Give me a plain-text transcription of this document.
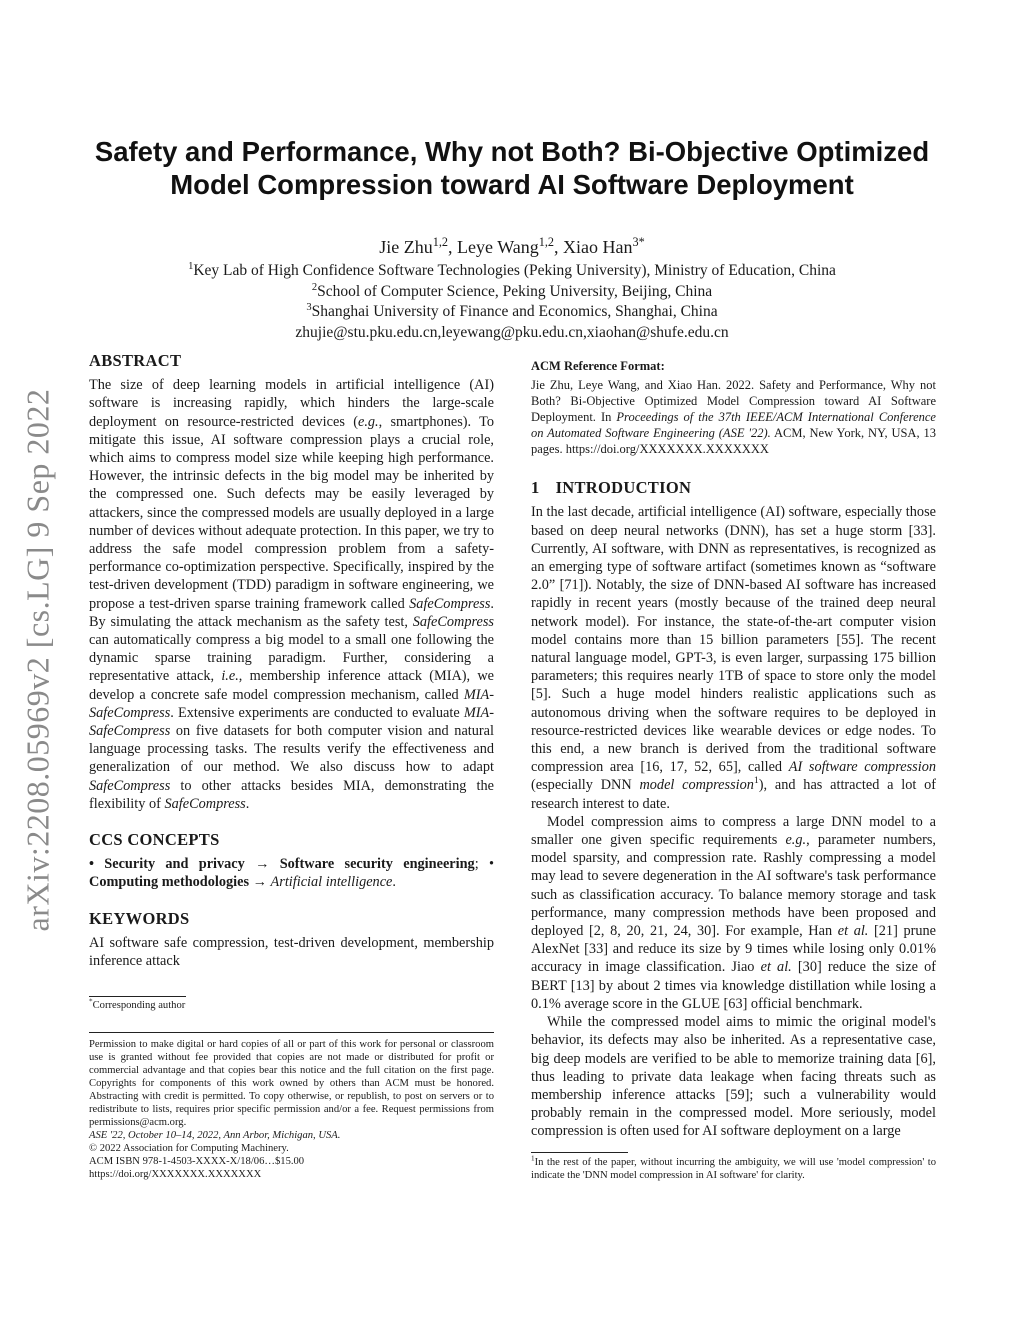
arXiv:2208.05969v2 [cs.LG] 9 Sep 2022
Safety and Performance, Why not Both? Bi-Objective Optimized
Model Compression toward AI Software Deployment
Jie Zhu$^{1,2}$, Leye Wang$^{1,2}$, Xiao Han$^{3*}$
$^1$Key Lab of High Confidence Software Technologies (Peking University), Ministry of Education, China
$^2$School of Computer Science, Peking University, Beijing, China
$^3$Shanghai University of Finance and Economics, Shanghai, China
zhujie@stu.pku.edu.cn,leyewang@pku.edu.cn,xiaohan@shufe.edu.cn
ABSTRACT

The size of deep learning models in artificial intelligence (AI) software is increasing rapidly, which hinders the large-scale deployment on resource-restricted devices (e.g., smartphones). To mitigate this issue, AI software compression plays a crucial role, which aims to compress model size while keeping high performance. However, the intrinsic defects in the big model may be inherited by the compressed one. Such defects may be easily leveraged by attackers, since the compressed models are usually deployed in a large number of devices without adequate protection. In this paper, we try to address the safe model compression problem from a safety-performance co-optimization perspective. Specifically, inspired by the test-driven development (TDD) paradigm in software engineering, we propose a test-driven sparse training framework called SafeCompress. By simulating the attack mechanism as the safety test, SafeCompress can automatically compress a big model to a small one following the dynamic sparse training paradigm. Further, considering a representative attack, i.e., membership inference attack (MIA), we develop a concrete safe model compression mechanism, called MIA-SafeCompress. Extensive experiments are conducted to evaluate MIA-SafeCompress on five datasets for both computer vision and natural language processing tasks. The results verify the effectiveness and generalization of our method. We also discuss how to adapt SafeCompress to other attacks besides MIA, demonstrating the flexibility of SafeCompress.

CCS CONCEPTS

• Security and privacy → Software security engineering; • Computing methodologies → Artificial intelligence.

KEYWORDS

AI software safe compression, test-driven development, membership inference attack

*Corresponding author
Permission to make digital or hard copies of all or part of this work for personal or classroom use is granted without fee provided that copies are not made or distributed for profit or commercial advantage and that copies bear this notice and the full citation on the first page. Copyrights for components of this work owned by others than ACM must be honored. Abstracting with credit is permitted. To copy otherwise, or republish, to post on servers or to redistribute to lists, requires prior specific permission and/or a fee. Request permissions from permissions@acm.org.
ASE '22, October 10–14, 2022, Ann Arbor, Michigan, USA.
© 2022 Association for Computing Machinery.
ACM ISBN 978-1-4503-XXXX-X/18/06…$15.00
https://doi.org/XXXXXXX.XXXXXXX
ACM Reference Format:

Jie Zhu, Leye Wang, and Xiao Han. 2022. Safety and Performance, Why not Both? Bi-Objective Optimized Model Compression toward AI Software Deployment. In Proceedings of the 37th IEEE/ACM International Conference on Automated Software Engineering (ASE '22). ACM, New York, NY, USA, 13 pages. https://doi.org/XXXXXXX.XXXXXXX

1 INTRODUCTION

In the last decade, artificial intelligence (AI) software, especially those based on deep neural networks (DNN), has set a huge storm [33]. Currently, AI software, with DNN as representatives, is recognized as an emerging type of software artifact (sometimes known as “software 2.0” [71]). Notably, the size of DNN-based AI software has increased rapidly in recent years (mostly because of the trained deep neural network model). For instance, the state-of-the-art computer vision model contains more than 15 billion parameters [55]. The recent natural language model, GPT-3, is even larger, surpassing 175 billion parameters; this requires nearly 1TB of space to store only the model [5]. Such a huge model hinders realistic applications such as autonomous driving when the software requires to be deployed in resource-restricted devices like wearable devices or edge nodes. To this end, a new branch is derived from the traditional software compression area [16, 17, 52, 65], called AI software compression (especially DNN model compression$^1$), and has attracted a lot of research interest to date.

Model compression aims to compress a large DNN model to a smaller one given specific requirements e.g., parameter numbers, model sparsity, and compression rate. Rashly compressing a model may lead to severe degeneration in the AI software's task performance such as classification accuracy. To balance memory storage and task performance, many compression methods have been proposed and deployed [2, 8, 20, 21, 24, 30]. For example, Han et al. [21] prune AlexNet [33] and reduce its size by 9 times while losing only 0.01% accuracy in image classification. Jiao et al. [30] reduce the size of BERT [13] by about 2 times via knowledge distillation while losing a 0.1% average score in the GLUE [63] official benchmark.

While the compressed model aims to mimic the original model's behavior, its defects may also be inherited. As a representative case, big deep models are verified to be able to memorize training data [6], thus leading to private data leakage when facing threats such as membership inference attacks [59]; such a vulnerability would probably remain in the compressed model. More seriously, model compression is often used for AI software deployment on a large

$^1$In the rest of the paper, without incurring the ambiguity, we will use 'model compression' to indicate the 'DNN model compression in AI software' for clarity.
